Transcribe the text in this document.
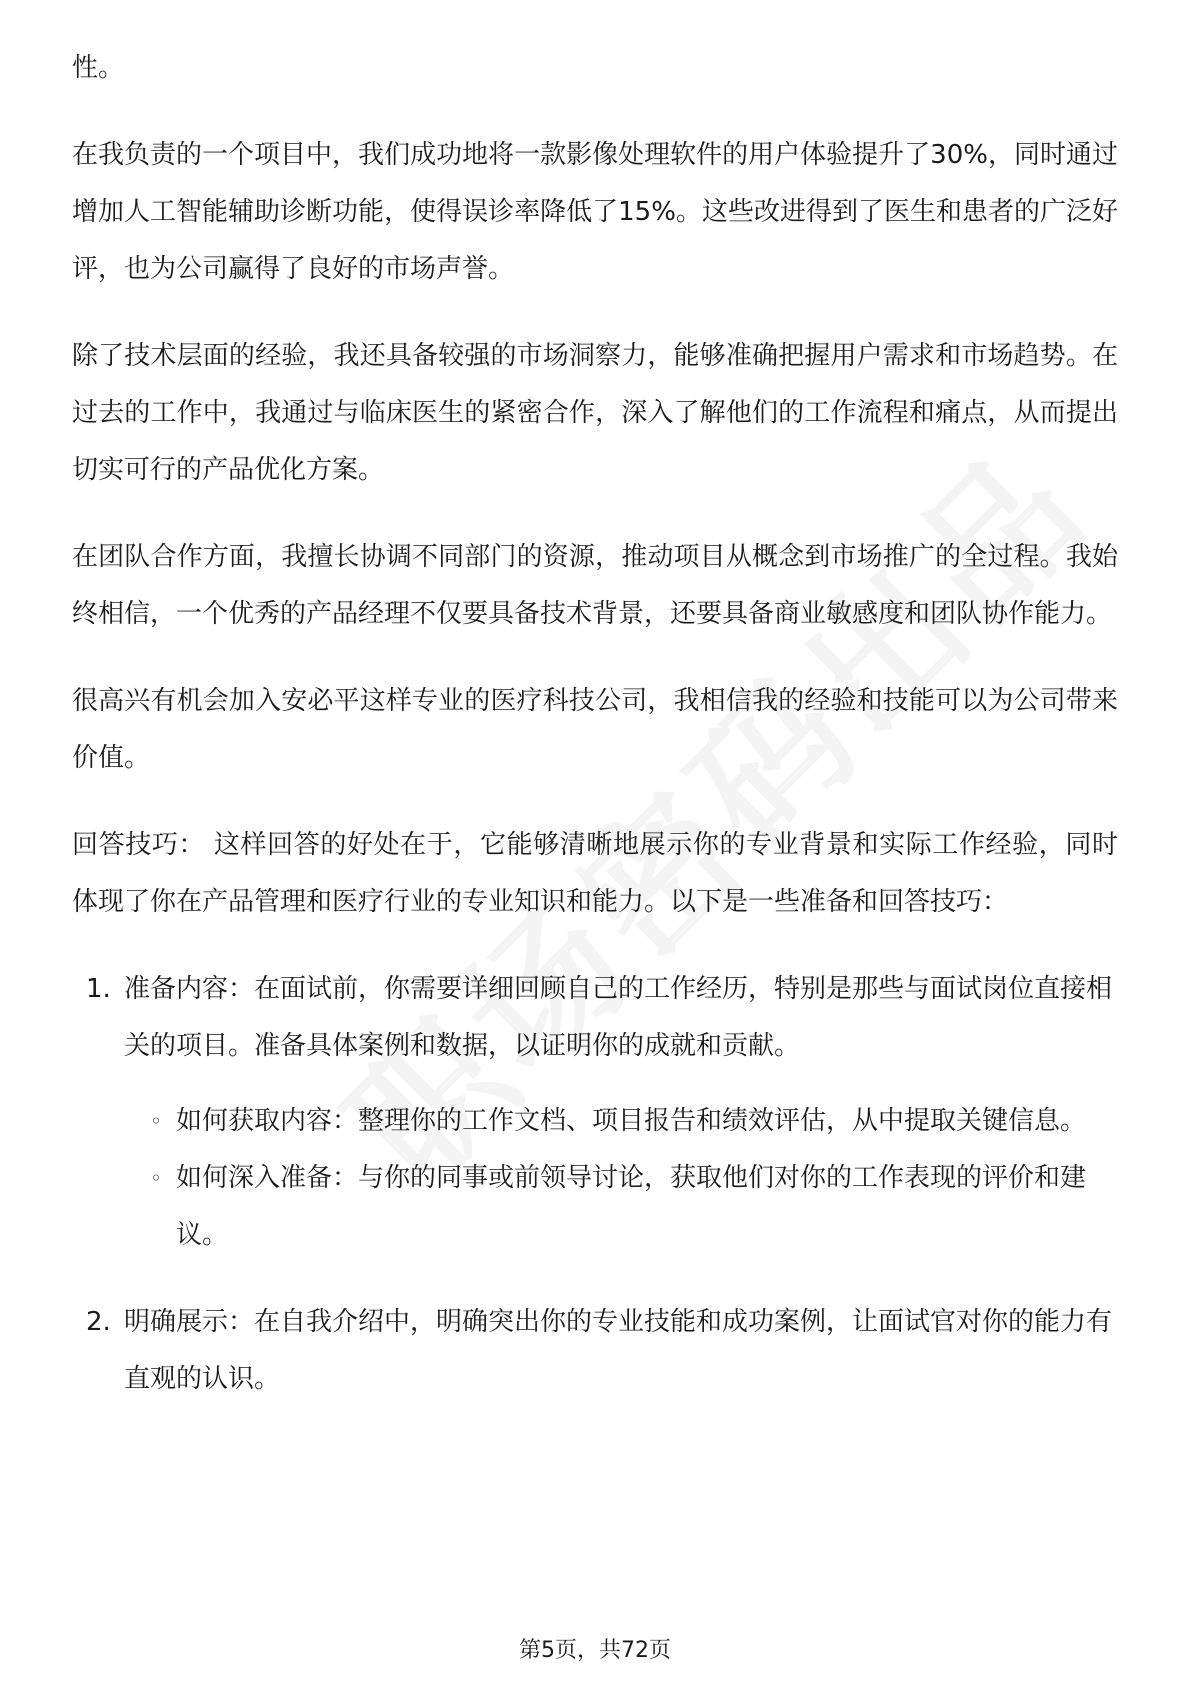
性。

在我负责的一个项目中，我们成功地将一款影像处理软件的用户体验提升了30%，同时通过增加人工智能辅助诊断功能，使得误诊率降低了15%。这些改进得到了医生和患者的广泛好评，也为公司赢得了良好的市场声誉。

除了技术层面的经验，我还具备较强的市场洞察力，能够准确把握用户需求和市场趋势。在过去的工作中，我通过与临床医生的紧密合作，深入了解他们的工作流程和痛点，从而提出切实可行的产品优化方案。

在团队合作方面，我擅长协调不同部门的资源，推动项目从概念到市场推广的全过程。我始终相信，一个优秀的产品经理不仅要具备技术背景，还要具备商业敏感度和团队协作能力。

很高兴有机会加入安必平这样专业的医疗科技公司，我相信我的经验和技能可以为公司带来价值。

回答技巧： 这样回答的好处在于，它能够清晰地展示你的专业背景和实际工作经验，同时体现了你在产品管理和医疗行业的专业知识和能力。以下是一些准备和回答技巧：

1. 准备内容：在面试前，你需要详细回顾自己的工作经历，特别是那些与面试岗位直接相关的项目。准备具体案例和数据，以证明你的成就和贡献。

◦ 如何获取内容：整理你的工作文档、项目报告和绩效评估，从中提取关键信息。

◦ 如何深入准备：与你的同事或前领导讨论，获取他们对你的工作表现的评价和建议。

2. 明确展示：在自我介绍中，明确突出你的专业技能和成功案例，让面试官对你的能力有直观的认识。

第5页，共72页
